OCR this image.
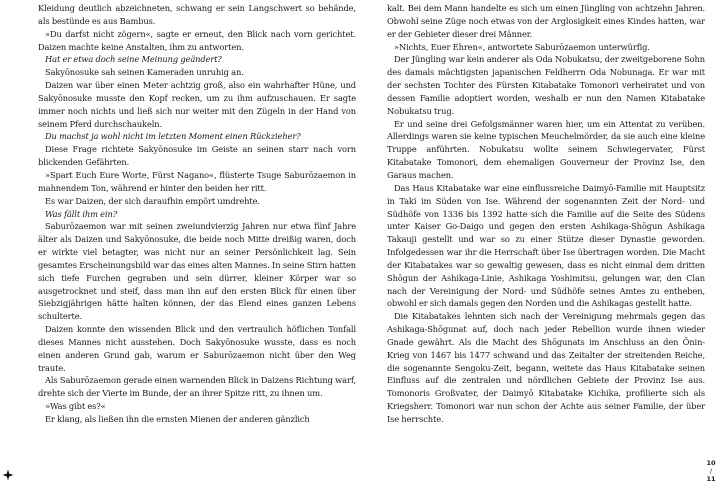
Kleidung deutlich abzeichneten, schwang er sein Langschwert so behände, als bestünde es aus Bambus.

»Du darfst nicht zögern«, sagte er erneut, den Blick nach vorn gerichtet. Daizen machte keine Anstalten, ihm zu antworten.

Hat er etwa doch seine Meinung geändert?

Sakyōnosuke sah seinen Kameraden unruhig an.

Daizen war über einen Meter achtzig groß, also ein wahrhafter Hüne, und Sakyōnosuke musste den Kopf recken, um zu ihm aufzuschauen. Er sagte immer noch nichts und ließ sich nur weiter mit den Zügeln in der Hand von seinem Pferd durchschaukeln.

Du machst ja wohl nicht im letzten Moment einen Rückzieher?

Diese Frage richtete Sakyōnosuke im Geiste an seinen starr nach vorn blickenden Gefährten.

»Spart Euch Eure Worte, Fürst Nagano«, flüsterte Tsuge Saburōzaemon in mahnendem Ton, während er hinter den beiden her ritt.

Es war Daizen, der sich daraufhin empört umdrehte.

Was fällt ihm ein?

Saburōzaemon war mit seinen zweiundvierzig Jahren nur etwa fünf Jahre älter als Daizen und Sakyōnosuke, die beide noch Mitte dreißig waren, doch er wirkte viel betagter, was nicht nur an seiner Persönlichkeit lag. Sein gesamtes Erscheinungsbild war das eines alten Mannes. In seine Stirn hatten sich tiefe Furchen gegraben und sein dürrer, kleiner Körper war so ausgetrocknet und steif, dass man ihn auf den ersten Blick für einen über Siebzigjährigen hätte halten können, der das Elend eines ganzen Lebens schulterte.

Daizen konnte den wissenden Blick und den vertraulich höflichen Tonfall dieses Mannes nicht ausstehen. Doch Sakyōnosuke wusste, dass es noch einen anderen Grund gab, warum er Saburōzaemon nicht über den Weg traute.

Als Saburōzaemon gerade einen warnenden Blick in Daizens Richtung warf, drehte sich der Vierte im Bunde, der an ihrer Spitze ritt, zu ihnen um.

»Was gibt es?«

Er klang, als ließen ihn die ernsten Mienen der anderen gänzlich

kalt. Bei dem Mann handelte es sich um einen Jüngling von achtzehn Jahren. Obwohl seine Züge noch etwas von der Arglosigkeit eines Kindes hatten, war er der Gebieter dieser drei Männer.

»Nichts, Euer Ehren«, antwortete Saburōzaemon unterwürfig.

Der Jüngling war kein anderer als Oda Nobukatsu, der zweitgeborene Sohn des damals mächtigsten japanischen Feldherrn Oda Nobunaga. Er war mit der sechsten Tochter des Fürsten Kitabatake Tomonori verheiratet und von dessen Familie adoptiert worden, weshalb er nun den Namen Kitabatake Nobukatsu trug.

Er und seine drei Gefolgsmänner waren hier, um ein Attentat zu verüben. Allerdings waren sie keine typischen Meuchelmörder, da sie auch eine kleine Truppe anführten. Nobukatsu wollte seinem Schwiegervater, Fürst Kitabatake Tomonori, dem ehemaligen Gouverneur der Provinz Ise, den Garaus machen.

Das Haus Kitabatake war eine einflussreiche Daimyō-Familie mit Hauptsitz in Taki im Süden von Ise. Während der sogenannten Zeit der Nord- und Südhöfe von 1336 bis 1392 hatte sich die Familie auf die Seite des Südens unter Kaiser Go-Daigo und gegen den ersten Ashikaga-Shōgun Ashikaga Takauji gestellt und war so zu einer Stütze dieser Dynastie geworden. Infolgedessen war ihr die Herrschaft über Ise übertragen worden. Die Macht der Kitabatakes war so gewaltig gewesen, dass es nicht einmal dem dritten Shōgun der Ashikaga-Linie, Ashikaga Yoshimitsu, gelungen war, den Clan nach der Vereinigung der Nord- und Südhöfe seines Amtes zu entheben, obwohl er sich damals gegen den Norden und die Ashikagas gestellt hatte.

Die Kitabatakes lehnten sich nach der Vereinigung mehrmals gegen das Ashikaga-Shōgunat auf, doch nach jeder Rebellion wurde ihnen wieder Gnade gewährt. Als die Macht des Shōgunats im Anschluss an den Ōnin-Krieg von 1467 bis 1477 schwand und das Zeitalter der streitenden Reiche, die sogenannte Sengoku-Zeit, begann, weitete das Haus Kitabatake seinen Einfluss auf die zentralen und nördlichen Gebiete der Provinz Ise aus. Tomonoris Großvater, der Daimyō Kitabatake Kichika, profilierte sich als Kriegsherr. Tomonori war nun schon der Achte aus seiner Familie, der über Ise herrschte.

10
/
11
